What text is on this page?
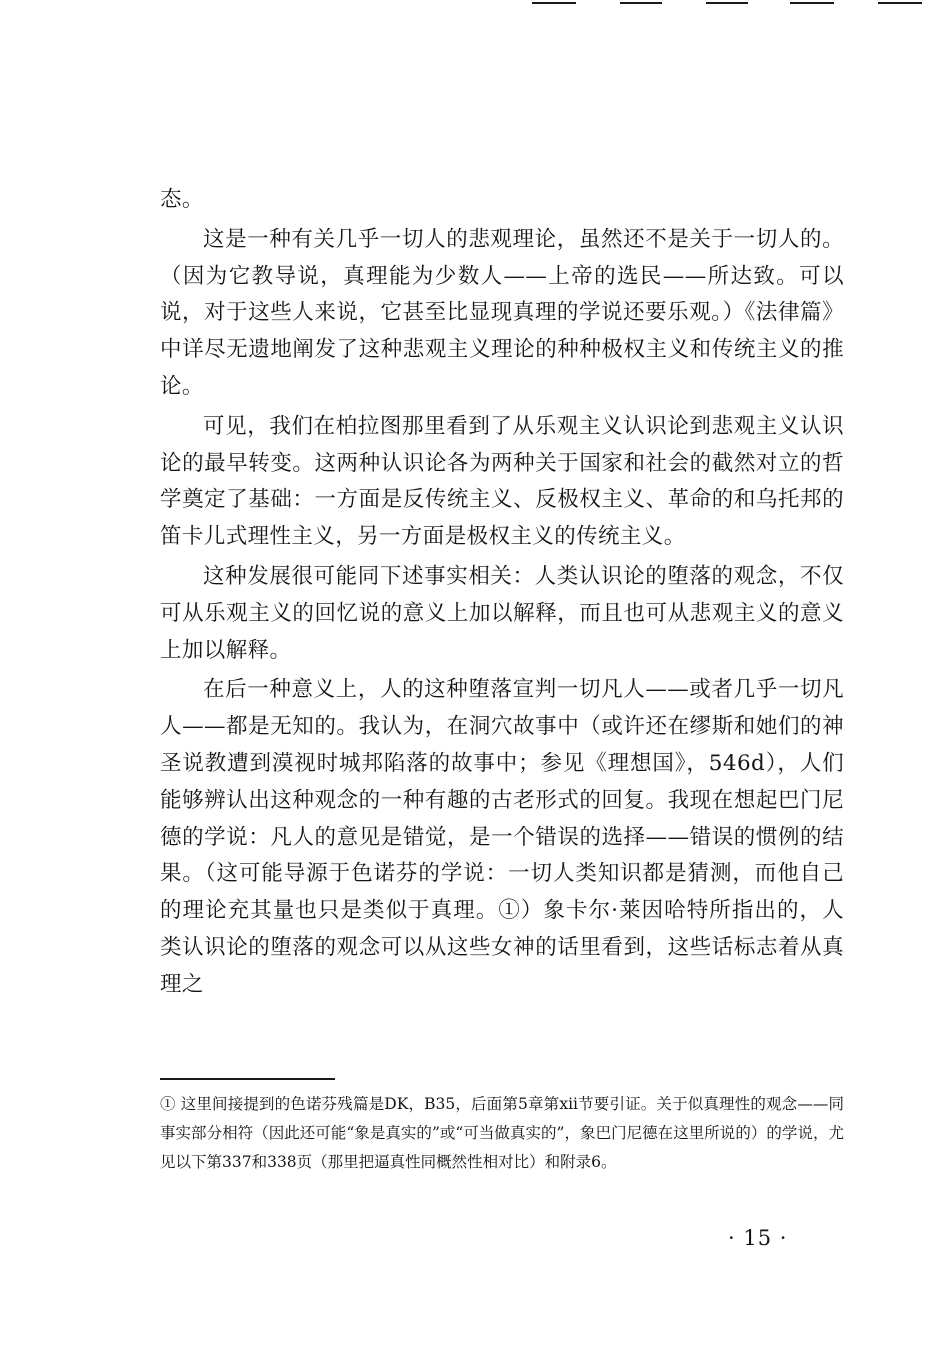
态。

这是一种有关几乎一切人的悲观理论，虽然还不是关于一切人的。（因为它教导说，真理能为少数人——上帝的选民——所达致。可以说，对于这些人来说，它甚至比显现真理的学说还要乐观。）《法律篇》中详尽无遗地阐发了这种悲观主义理论的种种极权主义和传统主义的推论。

可见，我们在柏拉图那里看到了从乐观主义认识论到悲观主义认识论的最早转变。这两种认识论各为两种关于国家和社会的截然对立的哲学奠定了基础：一方面是反传统主义、反极权主义、革命的和乌托邦的笛卡儿式理性主义，另一方面是极权主义的传统主义。

这种发展很可能同下述事实相关：人类认识论的堕落的观念，不仅可从乐观主义的回忆说的意义上加以解释，而且也可从悲观主义的意义上加以解释。

在后一种意义上，人的这种堕落宣判一切凡人——或者几乎一切凡人——都是无知的。我认为，在洞穴故事中（或许还在缪斯和她们的神圣说教遭到漠视时城邦陷落的故事中；参见《理想国》，546d），人们能够辨认出这种观念的一种有趣的古老形式的回复。我现在想起巴门尼德的学说：凡人的意见是错觉，是一个错误的选择——错误的惯例的结果。（这可能导源于色诺芬的学说：一切人类知识都是猜测，而他自己的理论充其量也只是类似于真理。①）象卡尔·莱因哈特所指出的，人类认识论的堕落的观念可以从这些女神的话里看到，这些话标志着从真理之

① 这里间接提到的色诺芬残篇是DK，B35，后面第5章第xii节要引证。关于似真理性的观念——同事实部分相符（因此还可能“象是真实的”或“可当做真实的”，象巴门尼德在这里所说的）的学说，尤见以下第337和338页（那里把逼真性同概然性相对比）和附录6。

· 15 ·
